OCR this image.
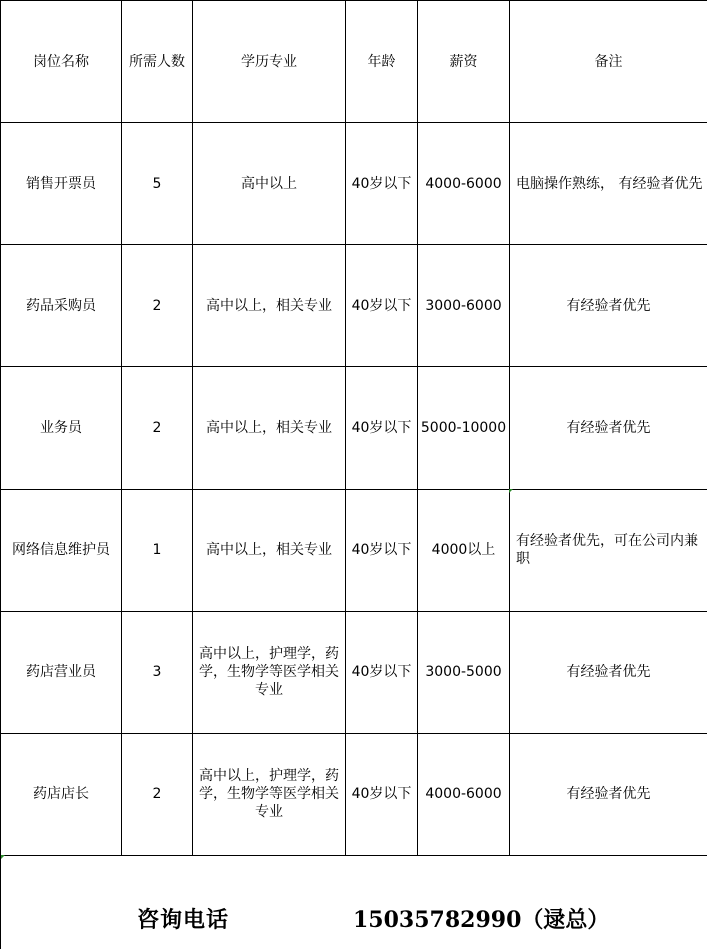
岗位名称	所需人数	学历专业	年龄	薪资	备注
销售开票员	5	高中以上	40岁以下	4000-6000	电脑操作熟练， 有经验者优先
药品采购员	2	高中以上，相关专业	40岁以下	3000-6000	有经验者优先
业务员	2	高中以上，相关专业	40岁以下	5000-10000	有经验者优先
网络信息维护员	1	高中以上，相关专业	40岁以下	4000以上	有经验者优先，可在公司内兼职
药店营业员	3	高中以上，护理学，药学，生物学等医学相关专业	40岁以下	3000-5000	有经验者优先
药店店长	2	高中以上，护理学，药学，生物学等医学相关专业	40岁以下	4000-6000	有经验者优先
咨询电话	15035782990（逯总）
